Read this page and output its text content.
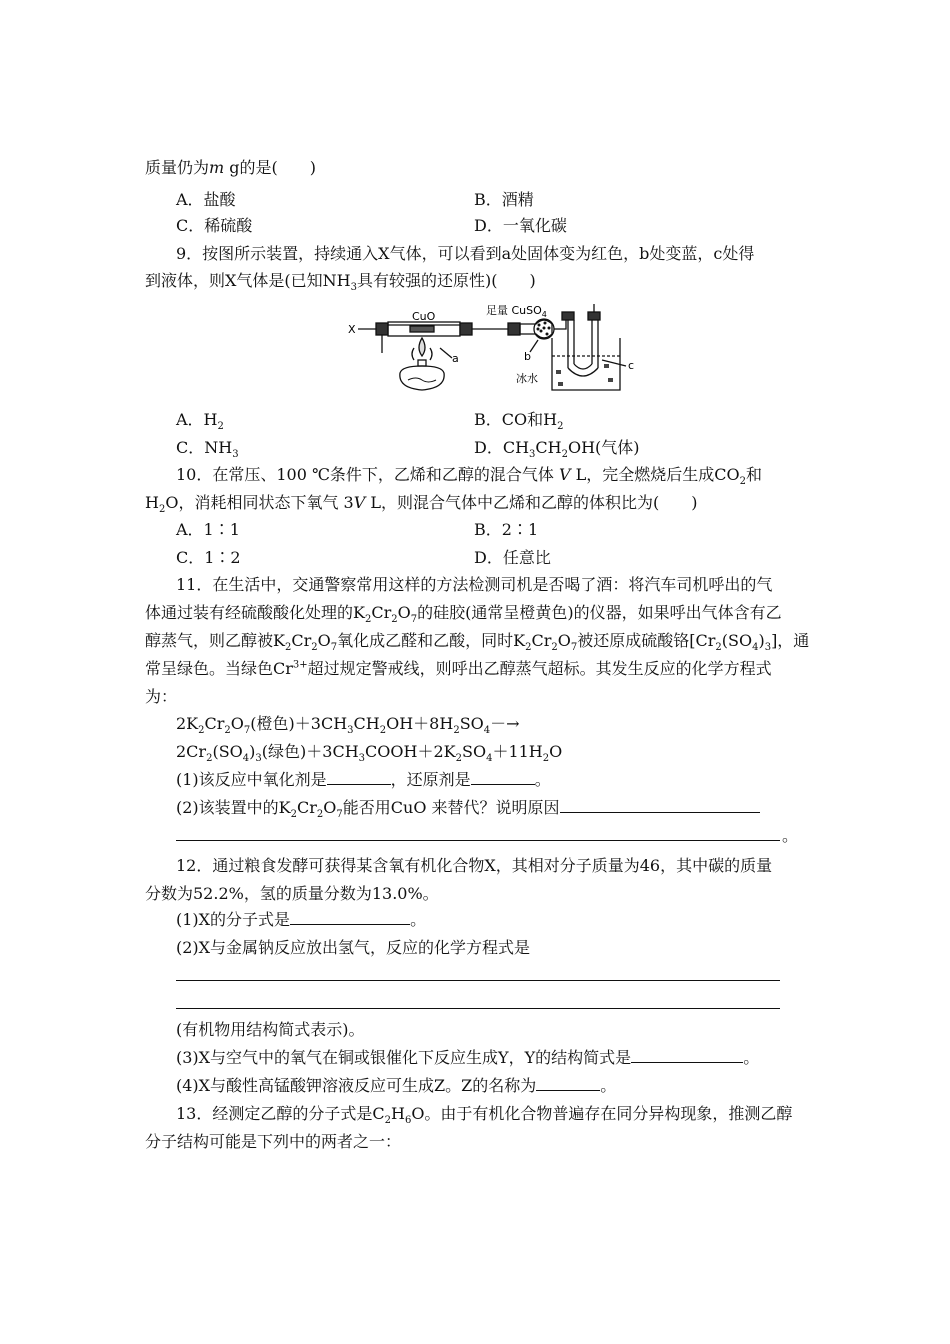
质量仍为m g的是(　　)
A．盐酸	B．酒精
C．稀硫酸	D．一氧化碳
9．按图所示装置，持续通入X气体，可以看到a处固体变为红色，b处变蓝，c处得
到液体，则X气体是(已知$NH_3$具有较强的还原性)(　　)
X
CuO	足量 CuSO$_4$
a	b
c
冰水
A．$H_2$	B．CO和$H_2$
C．$NH_3$	D．$CH_3CH_2OH$(气体)
10．在常压、100 ℃条件下，乙烯和乙醇的混合气体 V L，完全燃烧后生成$CO_2$和
$H_2O$，消耗相同状态下氧气 3V L，则混合气体中乙烯和乙醇的体积比为(　　)
A．1∶1	B．2∶1
C．1∶2	D．任意比
11．在生活中，交通警察常用这样的方法检测司机是否喝了酒：将汽车司机呼出的气
体通过装有经硫酸酸化处理的$K_2Cr_2O_7$的硅胶(通常呈橙黄色)的仪器，如果呼出气体含有乙
醇蒸气，则乙醇被$K_2Cr_2O_7$氧化成乙醛和乙酸，同时$K_2Cr_2O_7$被还原成硫酸铬$[Cr_2(SO_4)_3]$，通
常呈绿色。当绿色$Cr^{3+}$超过规定警戒线，则呼出乙醇蒸气超标。其发生反应的化学方程式
为：
$2K_2Cr_2O_7$(橙色)$+3CH_3CH_2OH+8H_2SO_4-\to$
$2Cr_2(SO_4)_3$(绿色)$+3CH_3COOH+2K_2SO_4+11H_2O$
(1)该反应中氧化剂是	，还原剂是	。
(2)该装置中的$K_2Cr_2O_7$能否用CuO 来替代？说明原因
。
12．通过粮食发酵可获得某含氧有机化合物X，其相对分子质量为46，其中碳的质量
分数为52.2%，氢的质量分数为13.0%。
(1)X的分子式是	。
(2)X与金属钠反应放出氢气，反应的化学方程式是
(有机物用结构简式表示)。
(3)X与空气中的氧气在铜或银催化下反应生成Y，Y的结构简式是	。
(4)X与酸性高锰酸钾溶液反应可生成Z。Z的名称为	。
13．经测定乙醇的分子式是$C_2H_6O$。由于有机化合物普遍存在同分异构现象，推测乙醇
分子结构可能是下列中的两者之一：
